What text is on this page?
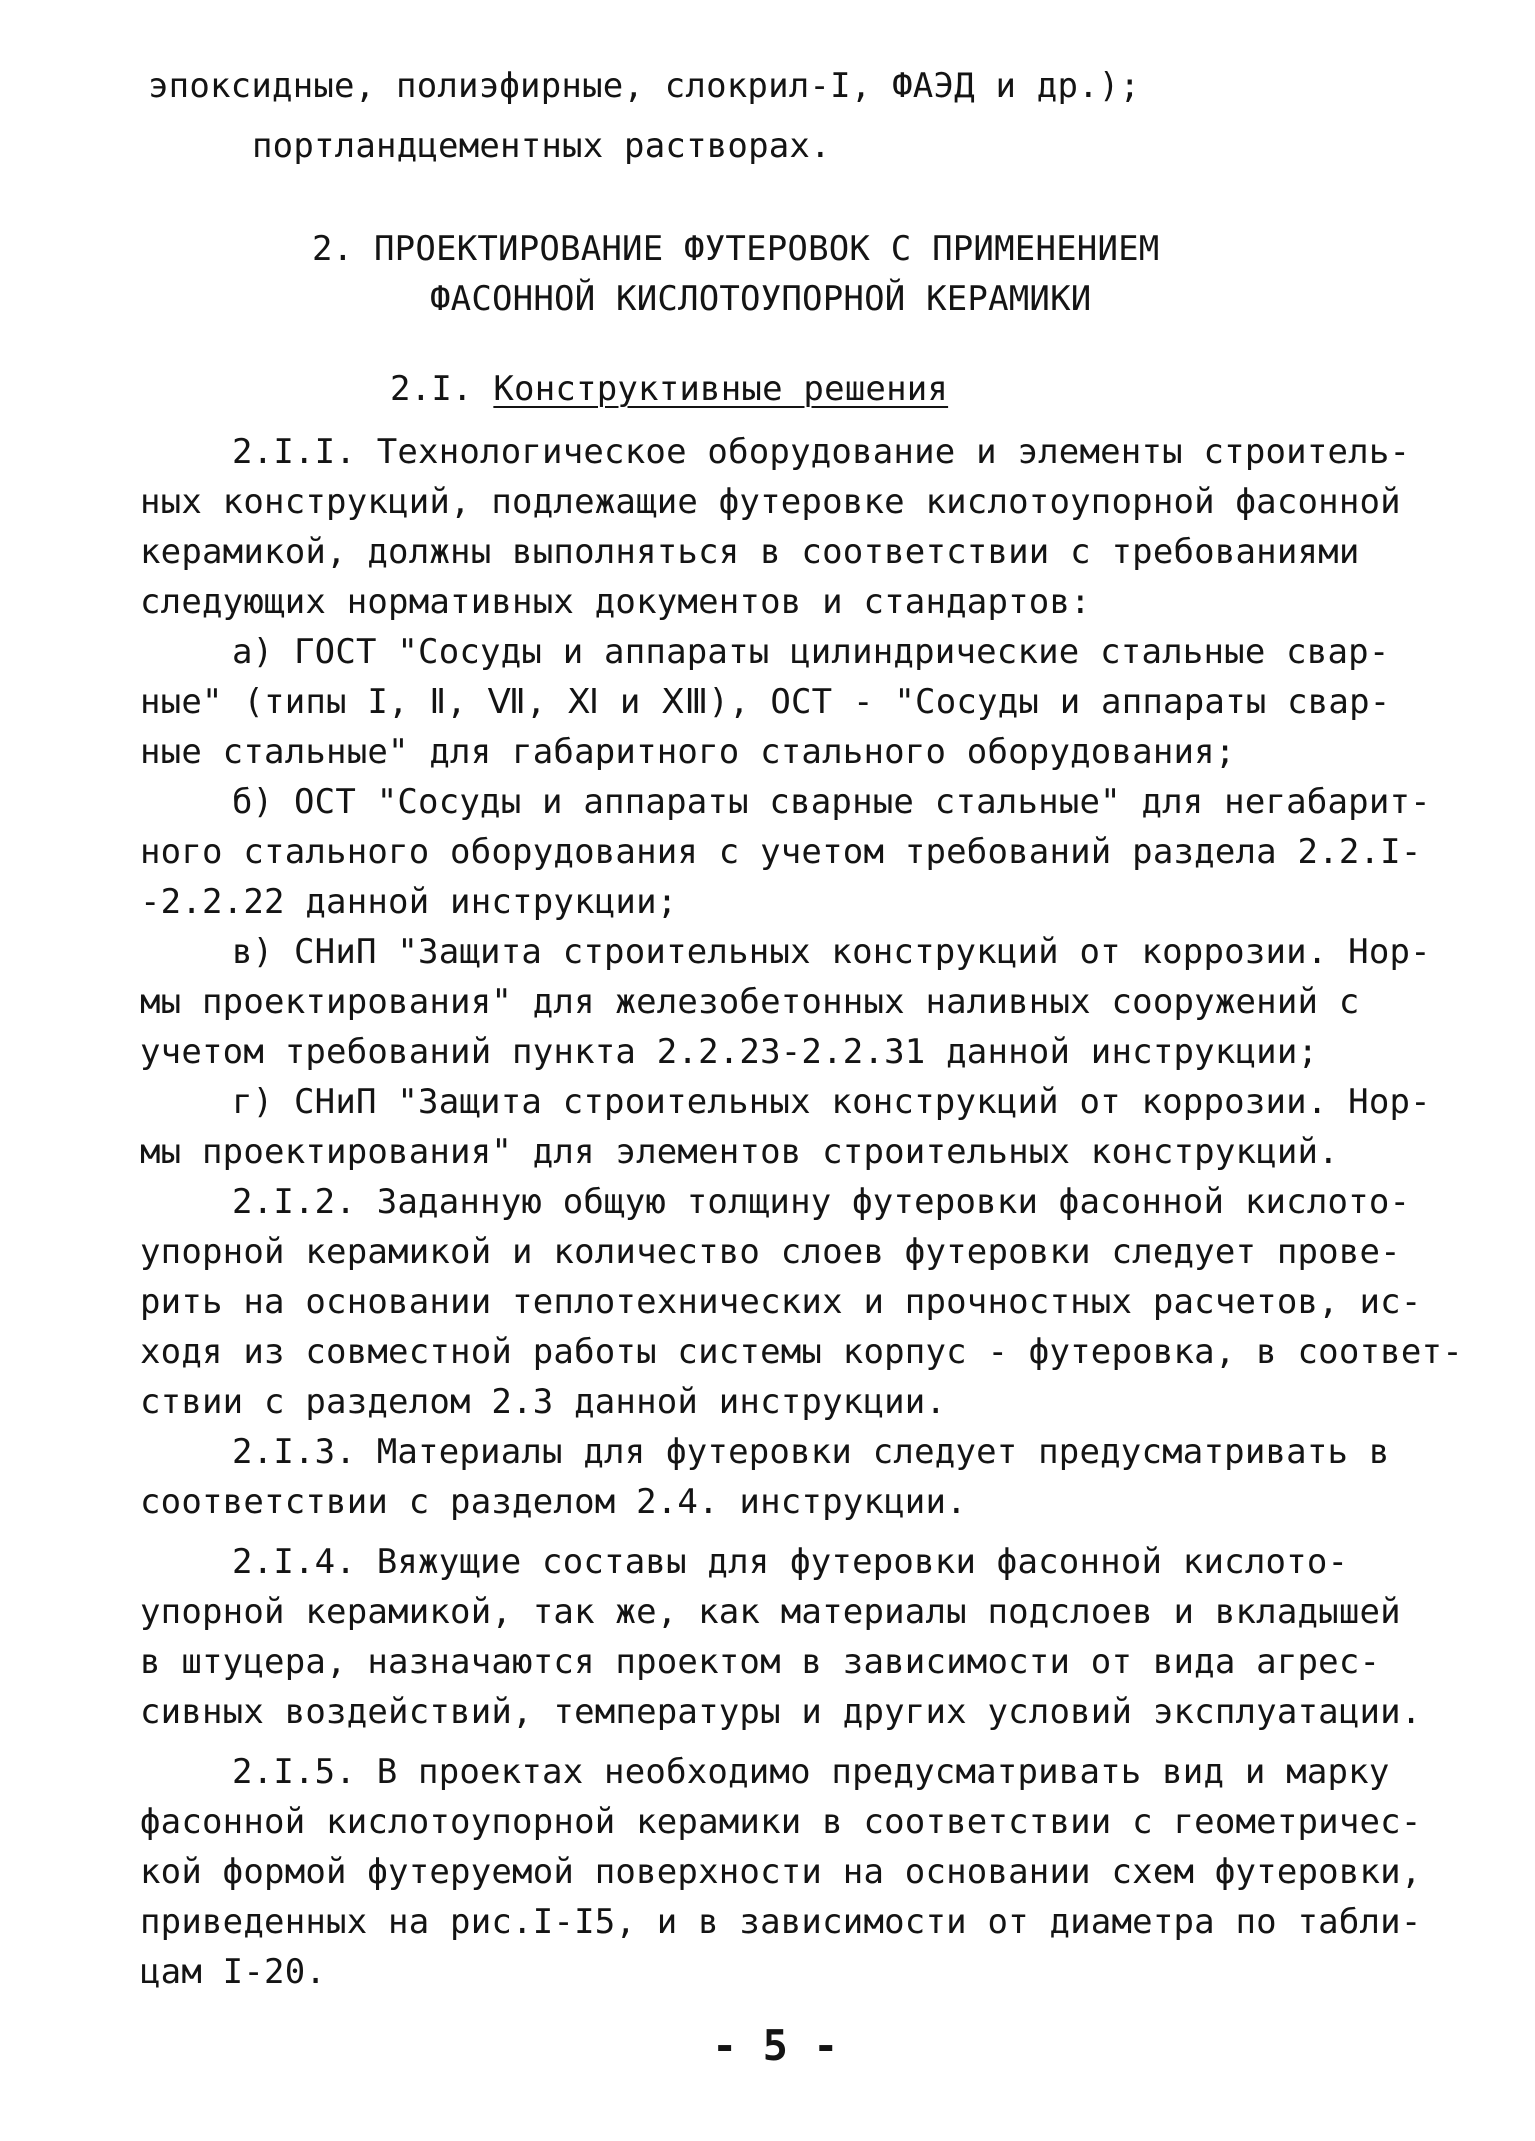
эпоксидные, полиэфирные, слокрил-I, ФАЭД и др.);
портландцементных растворах.
2. ПРОЕКТИРОВАНИЕ ФУТЕРОВОК С ПРИМЕНЕНИЕМ
ФАСОННОЙ КИСЛОТОУПОРНОЙ КЕРАМИКИ
2.I. Конструктивные решения
2.I.I. Технологическое оборудование и элементы строитель-
ных конструкций, подлежащие футеровке кислотоупорной фасонной
керамикой, должны выполняться в соответствии с требованиями
следующих нормативных документов и стандартов:
а) ГОСТ "Сосуды и аппараты цилиндрические стальные свар-
ные" (типы I, Ⅱ, Ⅶ, Ⅺ и ⅩⅢ), ОСТ - "Сосуды и аппараты свар-
ные стальные" для габаритного стального оборудования;
б) ОСТ "Сосуды и аппараты сварные стальные" для негабарит-
ного стального оборудования с учетом требований раздела 2.2.I-
-2.2.22 данной инструкции;
в) СНиП "Защита строительных конструкций от коррозии. Нор-
мы проектирования" для железобетонных наливных сооружений с
учетом требований пункта 2.2.23-2.2.31 данной инструкции;
г) СНиП "Защита строительных конструкций от коррозии. Нор-
мы проектирования" для элементов строительных конструкций.
2.I.2. Заданную общую толщину футеровки фасонной кислото-
упорной керамикой и количество слоев футеровки следует прове-
рить на основании теплотехнических и прочностных расчетов, ис-
ходя из совместной работы системы корпус - футеровка, в соответ-
ствии с разделом 2.3 данной инструкции.
2.I.3. Материалы для футеровки следует предусматривать в
соответствии с разделом 2.4. инструкции.
2.I.4. Вяжущие составы для футеровки фасонной кислото-
упорной керамикой, так же, как материалы подслоев и вкладышей
в штуцера, назначаются проектом в зависимости от вида агрес-
сивных воздействий, температуры и других условий эксплуатации.
2.I.5. В проектах необходимо предусматривать вид и марку
фасонной кислотоупорной керамики в соответствии с геометричес-
кой формой футеруемой поверхности на основании схем футеровки,
приведенных на рис.I-I5, и в зависимости от диаметра по табли-
цам I-20.
- 5 -
